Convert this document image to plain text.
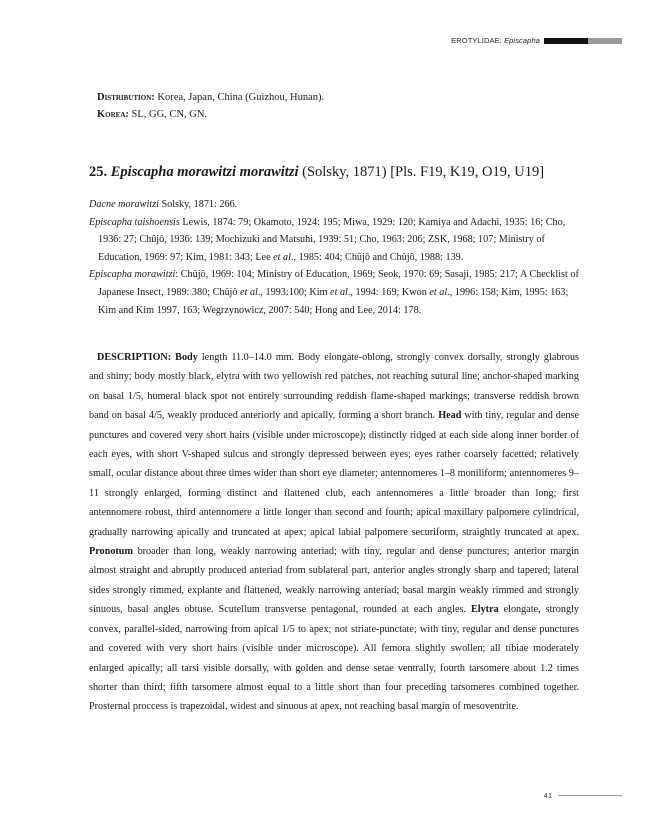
EROTYLIDAE: Episcapha
Distribution: Korea, Japan, China (Guizhou, Hunan).
Korea: SL, GG, CN, GN.
25. Episcapha morawitzi morawitzi (Solsky, 1871) [Pls. F19, K19, O19, U19]

Dacne morawitzi Solsky, 1871: 266.

Episcapha taishoensis Lewis, 1874: 79; Okamoto, 1924: 195; Miwa, 1929: 120; Kamiya and Adachi, 1935: 16; Cho, 1936: 27; Chûjô, 1936: 139; Mochizuki and Matsuhi, 1939: 51; Cho, 1963: 206; ZSK, 1968; 107; Ministry of Education, 1969: 97; Kim, 1981: 343; Lee et al., 1985: 404; Chûjô and Chûjô, 1988: 139.

Episcapha morawitzi: Chûjô, 1969: 104; Ministry of Education, 1969; Seok, 1970: 69; Sasaji, 1985: 217; A Checklist of Japanese Insect, 1989: 380; Chûjô et al., 1993:100; Kim et al., 1994: 169; Kwon et al., 1996: 158; Kim, 1995: 163; Kim and Kim 1997, 163; Wegrzynowicz, 2007: 540; Hong and Lee, 2014: 178.

DESCRIPTION: Body length 11.0–14.0 mm. Body elongate-oblong, strongly convex dorsally, strongly glabrous and shiny; body mostly black, elytra with two yellowish red patches, not reaching sutural line; anchor-shaped marking on basal 1/5, humeral black spot not entirely surrounding reddish flame-shaped markings; transverse reddish brown band on basal 4/5, weakly produced anteriorly and apically, forming a short branch. Head with tiny, regular and dense punctures and covered very short hairs (visible under microscope); distinctly ridged at each side along inner border of each eyes, with short V-shaped sulcus and strongly depressed between eyes; eyes rather coarsely facetted; relatively small, ocular distance about three times wider than short eye diameter; antennomeres 1–8 moniliform; antennomeres 9–11 strongly enlarged, forming distinct and flattened club, each antennomeres a little broader than long; first antennomere robust, third antennomere a little longer than second and fourth; apical maxillary palpomere cylindrical, gradually narrowing apically and truncated at apex; apical labial palpomere securiform, straightly truncated at apex. Pronotum broader than long, weakly narrowing anteriad; with tiny, regular and dense punctures; anterior margin almost straight and abruptly produced anteriad from sublateral part, anterior angles strongly sharp and tapered; lateral sides strongly rimmed, explante and flattened, weakly narrowing anteriad; basal margin weakly rimmed and strongly sinuous, basal angles obtuse. Scutellum transverse pentagonal, rounded at each angles. Elytra elongate, strongly convex, parallel-sided, narrowing from apical 1/5 to apex; not striate-punctate; with tiny, regular and dense punctures and covered with very short hairs (visible under microscope). All femora slightly swollen; all tibiae moderately enlarged apically; all tarsi visible dorsally, with golden and dense setae ventrally, fourth tarsomere about 1.2 times shorter than third; fifth tarsomere almost equal to a little short than four preceding tarsomeres combined together. Prosternal proccess is trapezoidal, widest and sinuous at apex, not reaching basal margin of mesoventrite.

41
